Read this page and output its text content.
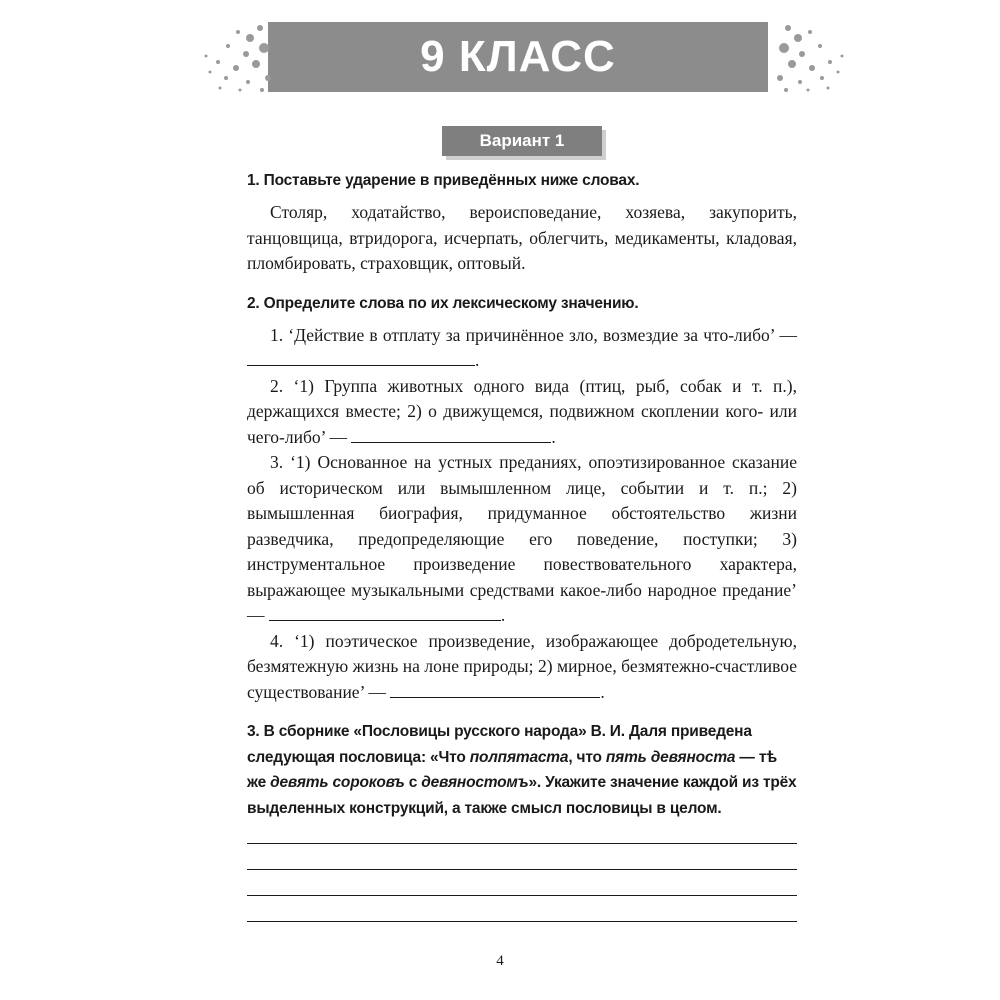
9 КЛАСС
Вариант 1

1. Поставьте ударение в приведённых ниже словах.

Столяр, ходатайство, вероисповедание, хозяева, закупорить, танцовщица, втридорога, исчерпать, облегчить, медикаменты, кладовая, пломбировать, страховщик, оптовый.

2. Определите слова по их лексическому значению.

1. ‘Действие в отплату за причинённое зло, возмездие за что-либо’ — .

2. ‘1) Группа животных одного вида (птиц, рыб, собак и т. п.), держащихся вместе; 2) о движущемся, подвижном скоплении кого- или чего-либо’ —	.

3. ‘1) Основанное на устных преданиях, опоэтизированное сказание об историческом или вымышленном лице, событии и т. п.; 2) вымышленная биография, придуманное обстоятельство жизни разведчика, предопределяющие его поведение, поступки; 3) инструментальное произведение повествовательного характера, выражающее музыкальными средствами какое-либо народное предание’ —	.

4. ‘1) поэтическое произведение, изображающее добродетельную, безмятежную жизнь на лоне природы; 2) мирное, безмятежно-счастливое существование’ —	.

3. В сборнике «Пословицы русского народа» В. И. Даля приведена следующая пословица: «Что полпятаста, что пять девяноста — тѣ же девять сороковъ с девяностомъ». Укажите значение каждой из трёх выделенных конструкций, а также смысл пословицы в целом.

4
